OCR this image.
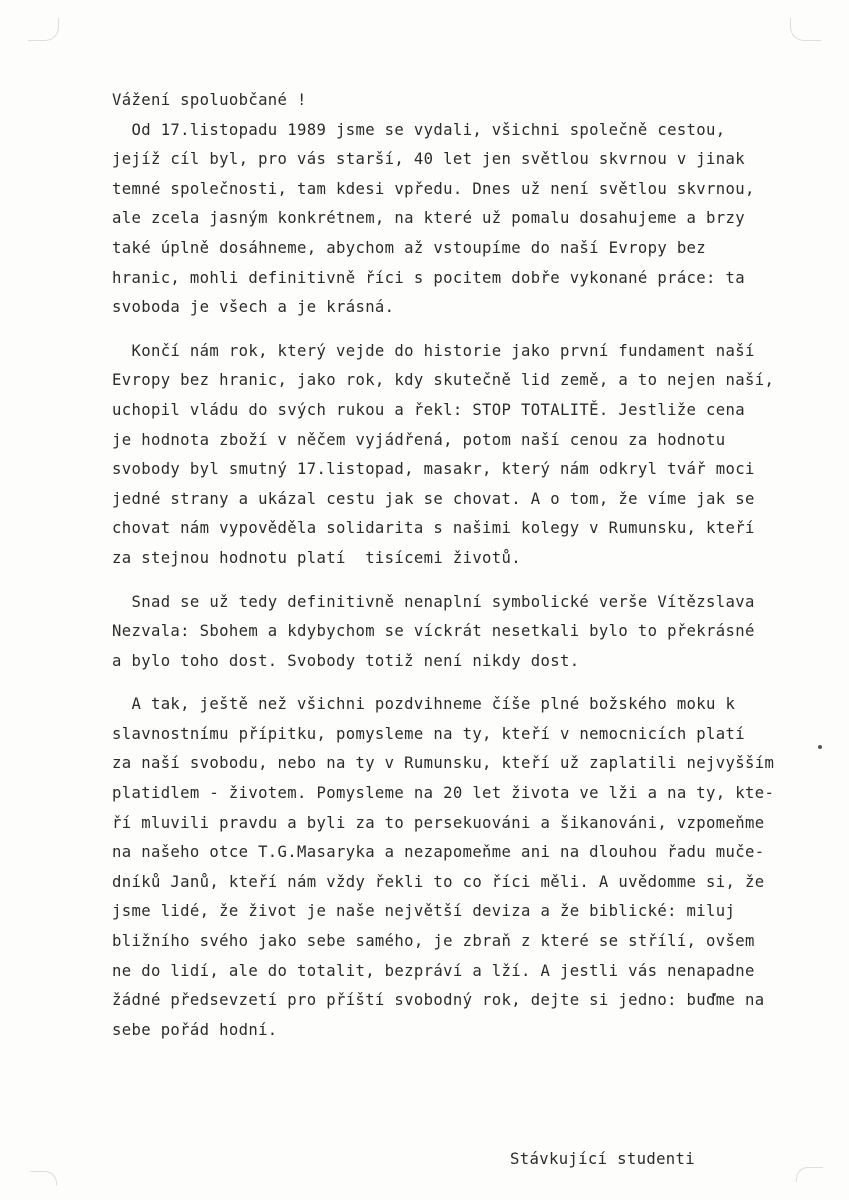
Vážení spoluobčané !
Od 17.listopadu 1989 jsme se vydali, všichni společně cestou,
jejíž cíl byl, pro vás starší, 40 let jen světlou skvrnou v jinak
temné společnosti, tam kdesi vpředu. Dnes už není světlou skvrnou,
ale zcela jasným konkrétnem, na které už pomalu dosahujeme a brzy
také úplně dosáhneme, abychom až vstoupíme do naší Evropy bez
hranic, mohli definitivně říci s pocitem dobře vykonané práce: ta
svoboda je všech a je krásná.
Končí nám rok, který vejde do historie jako první fundament naší
Evropy bez hranic, jako rok, kdy skutečně lid země, a to nejen naší,
uchopil vládu do svých rukou a řekl: STOP TOTALITĚ. Jestliže cena
je hodnota zboží v něčem vyjádřená, potom naší cenou za hodnotu
svobody byl smutný 17.listopad, masakr, který nám odkryl tvář moci
jedné strany a ukázal cestu jak se chovat. A o tom, že víme jak se
chovat nám vypověděla solidarita s našimi kolegy v Rumunsku, kteří
za stejnou hodnotu platí  tisícemi životů.
Snad se už tedy definitivně nenaplní symbolické verše Vítězslava
Nezvala: Sbohem a kdybychom se víckrát nesetkali bylo to překrásné
a bylo toho dost. Svobody totiž není nikdy dost.
A tak, ještě než všichni pozdvihneme číše plné božského moku k
slavnostnímu přípitku, pomysleme na ty, kteří v nemocnicích platí
za naší svobodu, nebo na ty v Rumunsku, kteří už zaplatili nejvyšším
platidlem - životem. Pomysleme na 20 let života ve lži a na ty, kte-
ří mluvili pravdu a byli za to persekuováni a šikanováni, vzpomeňme
na našeho otce T.G.Masaryka a nezapomeňme ani na dlouhou řadu muče-
dníků Janů, kteří nám vždy řekli to co říci měli. A uvědomme si, že
jsme lidé, že život je naše největší deviza a že biblické: miluj
bližního svého jako sebe samého, je zbraň z které se střílí, ovšem
ne do lidí, ale do totalit, bezpráví a lží. A jestli vás nenapadne
žádné předsevzetí pro příští svobodný rok, dejte si jedno: buďme na
sebe pořád hodní.
Stávkující studenti
